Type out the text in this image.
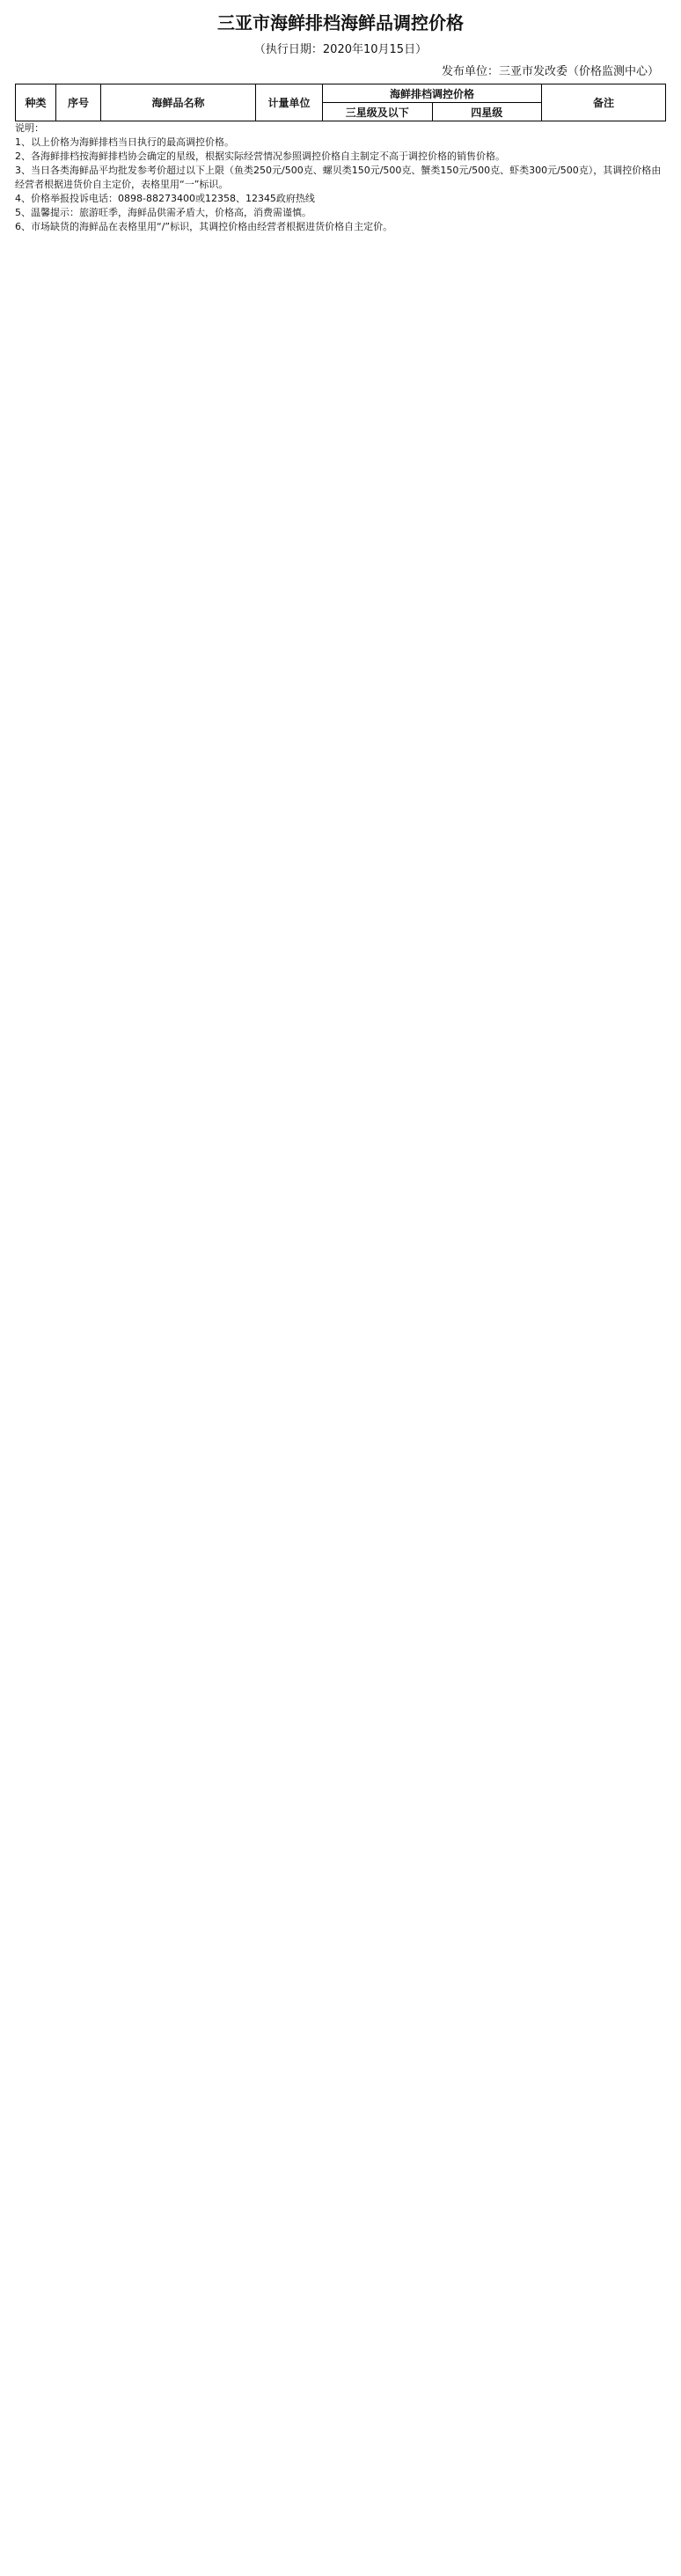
三亚市海鲜排档海鲜品调控价格
（执行日期：2020年10月15日）
发布单位：三亚市发改委（价格监测中心）
种类	序号	海鲜品名称	计量单位	海鲜排档调控价格		备注
				三星级及以下	四星级	
说明：
1、以上价格为海鲜排档当日执行的最高调控价格。
2、各海鲜排档按海鲜排档协会确定的星级，根据实际经营情况参照调控价格自主制定不高于调控价格的销售价格。
3、当日各类海鲜品平均批发参考价超过以下上限（鱼类250元/500克、螺贝类150元/500克、蟹类150元/500克、虾类300元/500克），其调控价格由经营者根据进货价自主定价，表格里用“一”标识。
4、价格举报投诉电话：0898-88273400或12358、12345政府热线
5、温馨提示：旅游旺季，海鲜品供需矛盾大，价格高，消费需谨慎。
6、市场缺货的海鲜品在表格里用“/”标识，其调控价格由经营者根据进货价格自主定价。
